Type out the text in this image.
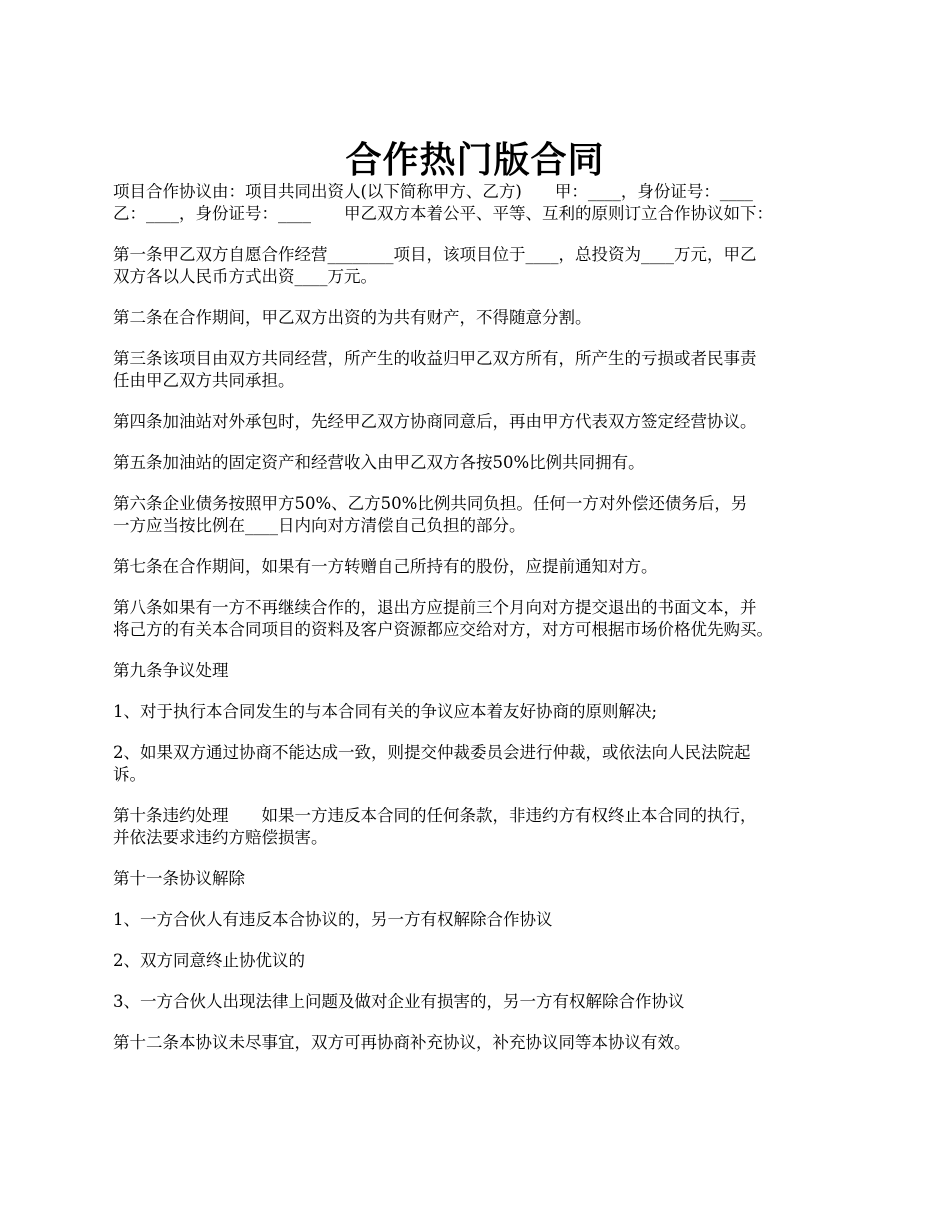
合作热门版合同

项目合作协议由：项目共同出资人(以下简称甲方、乙方)　　甲：____，身份证号：____
乙：____，身份证号：____　　甲乙双方本着公平、平等、互利的原则订立合作协议如下：

第一条甲乙双方自愿合作经营________项目，该项目位于____，总投资为____万元，甲乙
双方各以人民币方式出资____万元。

第二条在合作期间，甲乙双方出资的为共有财产，不得随意分割。

第三条该项目由双方共同经营，所产生的收益归甲乙双方所有，所产生的亏损或者民事责
任由甲乙双方共同承担。

第四条加油站对外承包时，先经甲乙双方协商同意后，再由甲方代表双方签定经营协议。

第五条加油站的固定资产和经营收入由甲乙双方各按50%比例共同拥有。

第六条企业债务按照甲方50%、乙方50%比例共同负担。任何一方对外偿还债务后，另
一方应当按比例在____日内向对方清偿自己负担的部分。

第七条在合作期间，如果有一方转赠自己所持有的股份，应提前通知对方。

第八条如果有一方不再继续合作的，退出方应提前三个月向对方提交退出的书面文本，并
将己方的有关本合同项目的资料及客户资源都应交给对方，对方可根据市场价格优先购买。

第九条争议处理

1、对于执行本合同发生的与本合同有关的争议应本着友好协商的原则解决;

2、如果双方通过协商不能达成一致，则提交仲裁委员会进行仲裁，或依法向人民法院起
诉。

第十条违约处理　　如果一方违反本合同的任何条款，非违约方有权终止本合同的执行，
并依法要求违约方赔偿损害。

第十一条协议解除

1、一方合伙人有违反本合协议的，另一方有权解除合作协议

2、双方同意终止协优议的

3、一方合伙人出现法律上问题及做对企业有损害的，另一方有权解除合作协议

第十二条本协议未尽事宜，双方可再协商补充协议，补充协议同等本协议有效。
